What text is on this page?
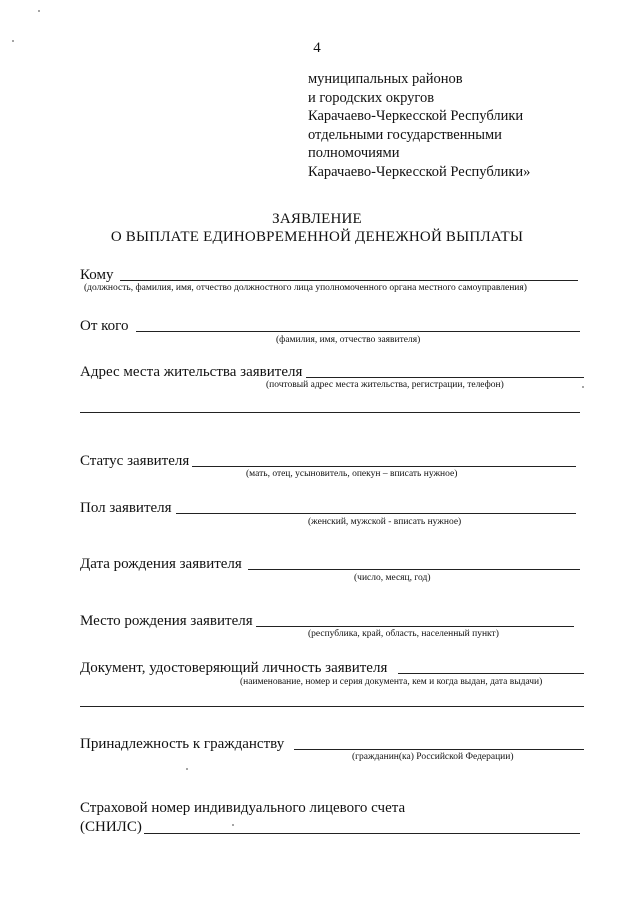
4
муниципальных районов
и городских округов
Карачаево-Черкесской Республики
отдельными государственными
полномочиями
Карачаево-Черкесской Республики»
ЗАЯВЛЕНИЕ
О ВЫПЛАТЕ ЕДИНОВРЕМЕННОЙ ДЕНЕЖНОЙ ВЫПЛАТЫ
Кому
(должность, фамилия, имя, отчество должностного лица уполномоченного органа местного самоуправления)
От кого
(фамилия, имя, отчество заявителя)
Адрес места жительства заявителя
(почтовый адрес места жительства, регистрации, телефон)
Статус заявителя
(мать, отец, усыновитель, опекун – вписать нужное)
Пол заявителя
(женский, мужской - вписать нужное)
Дата рождения заявителя
(число, месяц, год)
Место рождения заявителя
(республика, край, область, населенный пункт)
Документ, удостоверяющий личность заявителя
(наименование, номер и серия документа, кем и когда выдан, дата выдачи)
Принадлежность к гражданству
(гражданин(ка) Российской Федерации)
Страховой номер индивидуального лицевого счета
(СНИЛС)
